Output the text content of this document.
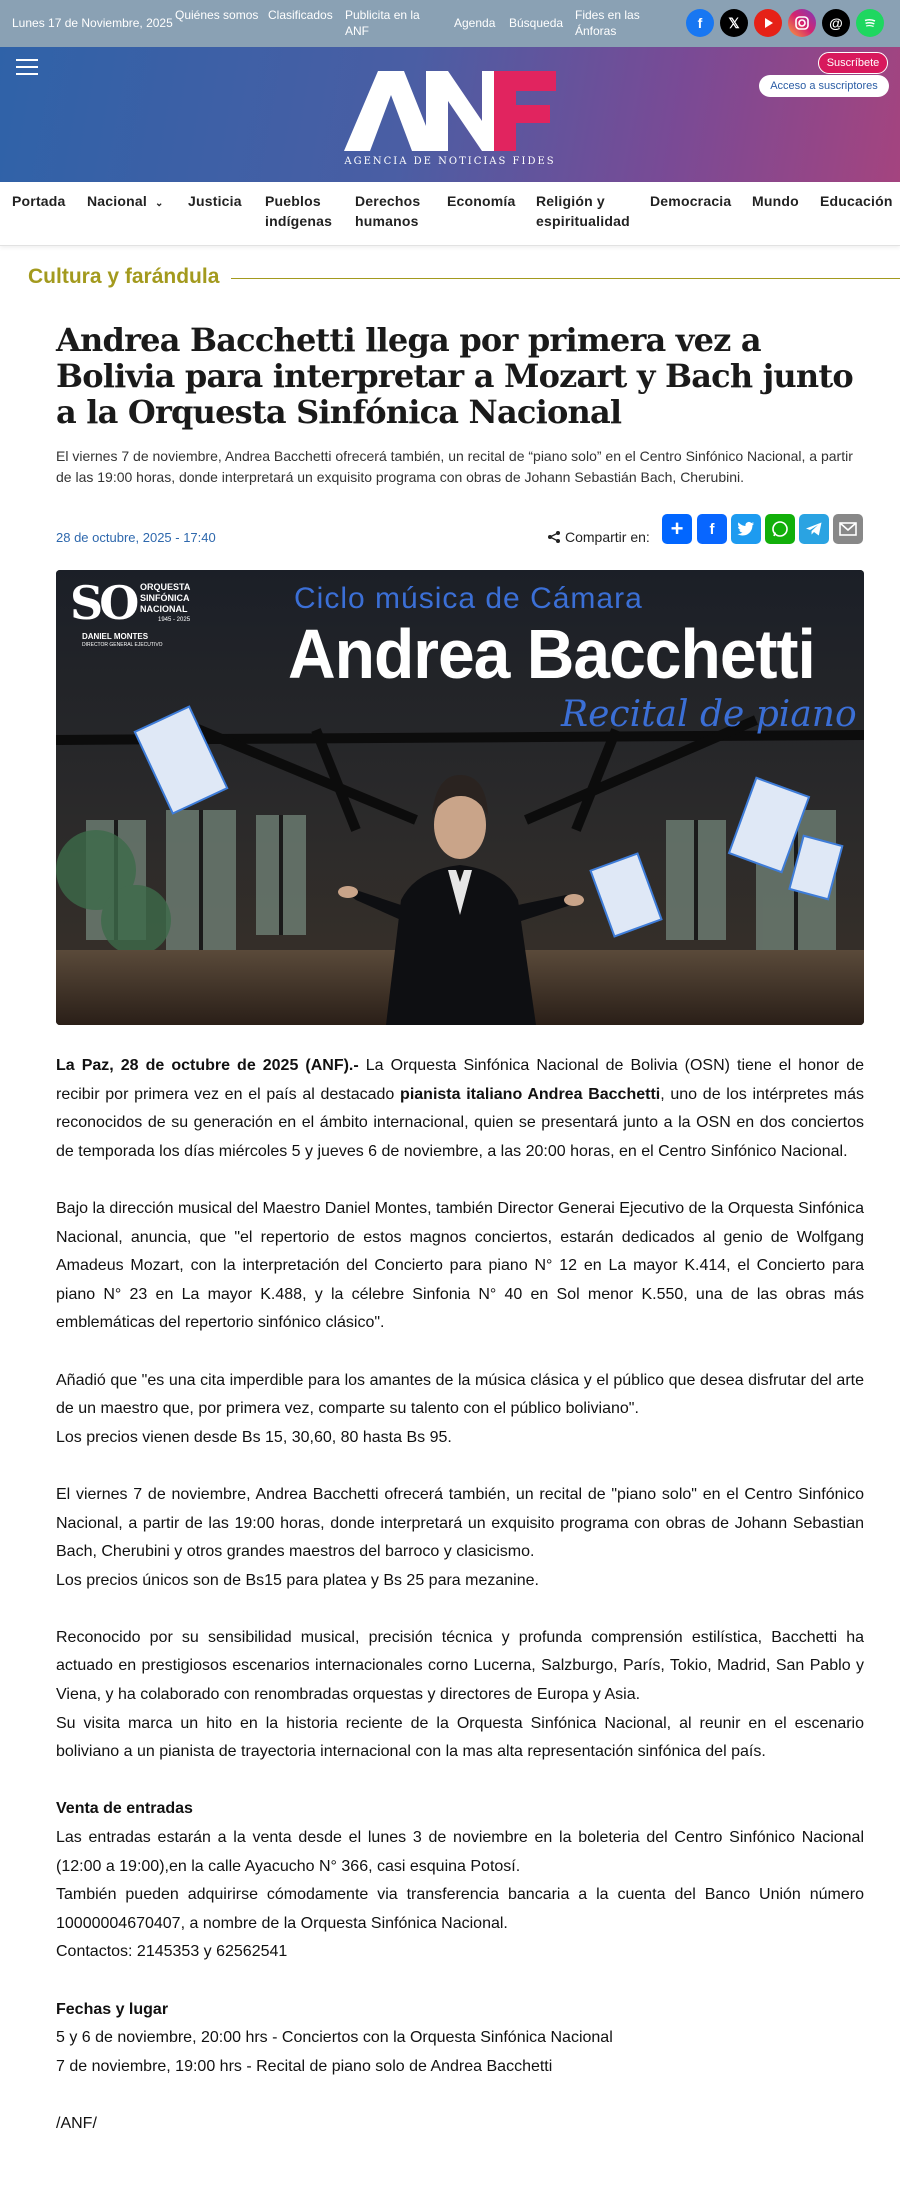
Lunes 17 de Noviembre, 2025
Quiénes somos Clasificados	Publicita en la ANF
Agenda	Búsqueda
Fides en las Ánforas	f	𝕏	@
AGENCIA DE NOTICIAS FIDES
Suscríbete
Acceso a suscriptores
Portada Nacional ⌄ Justicia Pueblos indígenas
Derechos humanos
Economía Religión y espiritualidad
Democracia Mundo Educación
Cultura y farándula
Andrea Bacchetti llega por primera vez a Bolivia para interpretar a Mozart y Bach junto a la Orquesta Sinfónica Nacional

El viernes 7 de noviembre, Andrea Bacchetti ofrecerá también, un recital de “piano solo” en el Centro Sinfónico Nacional, a partir de las 19:00 horas, donde interpretará un exquisito programa con obras de Johann Sebastián Bach, Cherubini.

28 de octubre, 2025 - 17:40	Compartir en: +	f
SO ORQUESTA
SINFÓNICA
NACIONAL
1945 - 2025
DANIEL MONTES
DIRECTOR GENERAL EJECUTIVO
Ciclo música de Cámara
Andrea Bacchetti
Recital de piano

La Paz, 28 de octubre de 2025 (ANF).- La Orquesta Sinfónica Nacional de Bolivia (OSN) tiene el honor de recibir por primera vez en el país al destacado pianista italiano Andrea Bacchetti, uno de los intérpretes más reconocidos de su generación en el ámbito internacional, quien se presentará junto a la OSN en dos conciertos de temporada los días miércoles 5 y jueves 6 de noviembre, a las 20:00 horas, en el Centro Sinfónico Nacional.

Bajo la dirección musical del Maestro Daniel Montes, también Director Generai Ejecutivo de la Orquesta Sinfónica Nacional, anuncia, que "el repertorio de estos magnos conciertos, estarán dedicados al genio de Wolfgang Amadeus Mozart, con la interpretación del Concierto para piano N° 12 en La mayor K.414, el Concierto para piano N° 23 en La mayor K.488, y la célebre Sinfonia N° 40 en Sol menor K.550, una de las obras más emblemáticas del repertorio sinfónico clásico".

Añadió que "es una cita imperdible para los amantes de la música clásica y el público que desea disfrutar del arte de un maestro que, por primera vez, comparte su talento con el público boliviano".

Los precios vienen desde Bs 15, 30,60, 80 hasta Bs 95.

El viernes 7 de noviembre, Andrea Bacchetti ofrecerá también, un recital de "piano solo" en el Centro Sinfónico Nacional, a partir de las 19:00 horas, donde interpretará un exquisito programa con obras de Johann Sebastian Bach, Cherubini y otros grandes maestros del barroco y clasicismo.

Los precios únicos son de Bs15 para platea y Bs 25 para mezanine.

Reconocido por su sensibilidad musical, precisión técnica y profunda comprensión estilística, Bacchetti ha actuado en prestigiosos escenarios internacionales corno Lucerna, Salzburgo, París, Tokio, Madrid, San Pablo y Viena, y ha colaborado con renombradas orquestas y directores de Europa y Asia.

Su visita marca un hito en la historia reciente de la Orquesta Sinfónica Nacional, al reunir en el escenario boliviano a un pianista de trayectoria internacional con la mas alta representación sinfónica del país.

Venta de entradas

Las entradas estarán a la venta desde el lunes 3 de noviembre en la boleteria del Centro Sinfónico Nacional (12:00 a 19:00),en la calle Ayacucho N° 366, casi esquina Potosí.

También pueden adquirirse cómodamente via transferencia bancaria a la cuenta del Banco Unión número 10000004670407, a nombre de la Orquesta Sinfónica Nacional.

Contactos: 2145353 y 62562541

Fechas y lugar

5 y 6 de noviembre, 20:00 hrs - Conciertos con la Orquesta Sinfónica Nacional

7 de noviembre, 19:00 hrs - Recital de piano solo de Andrea Bacchetti

/ANF/
